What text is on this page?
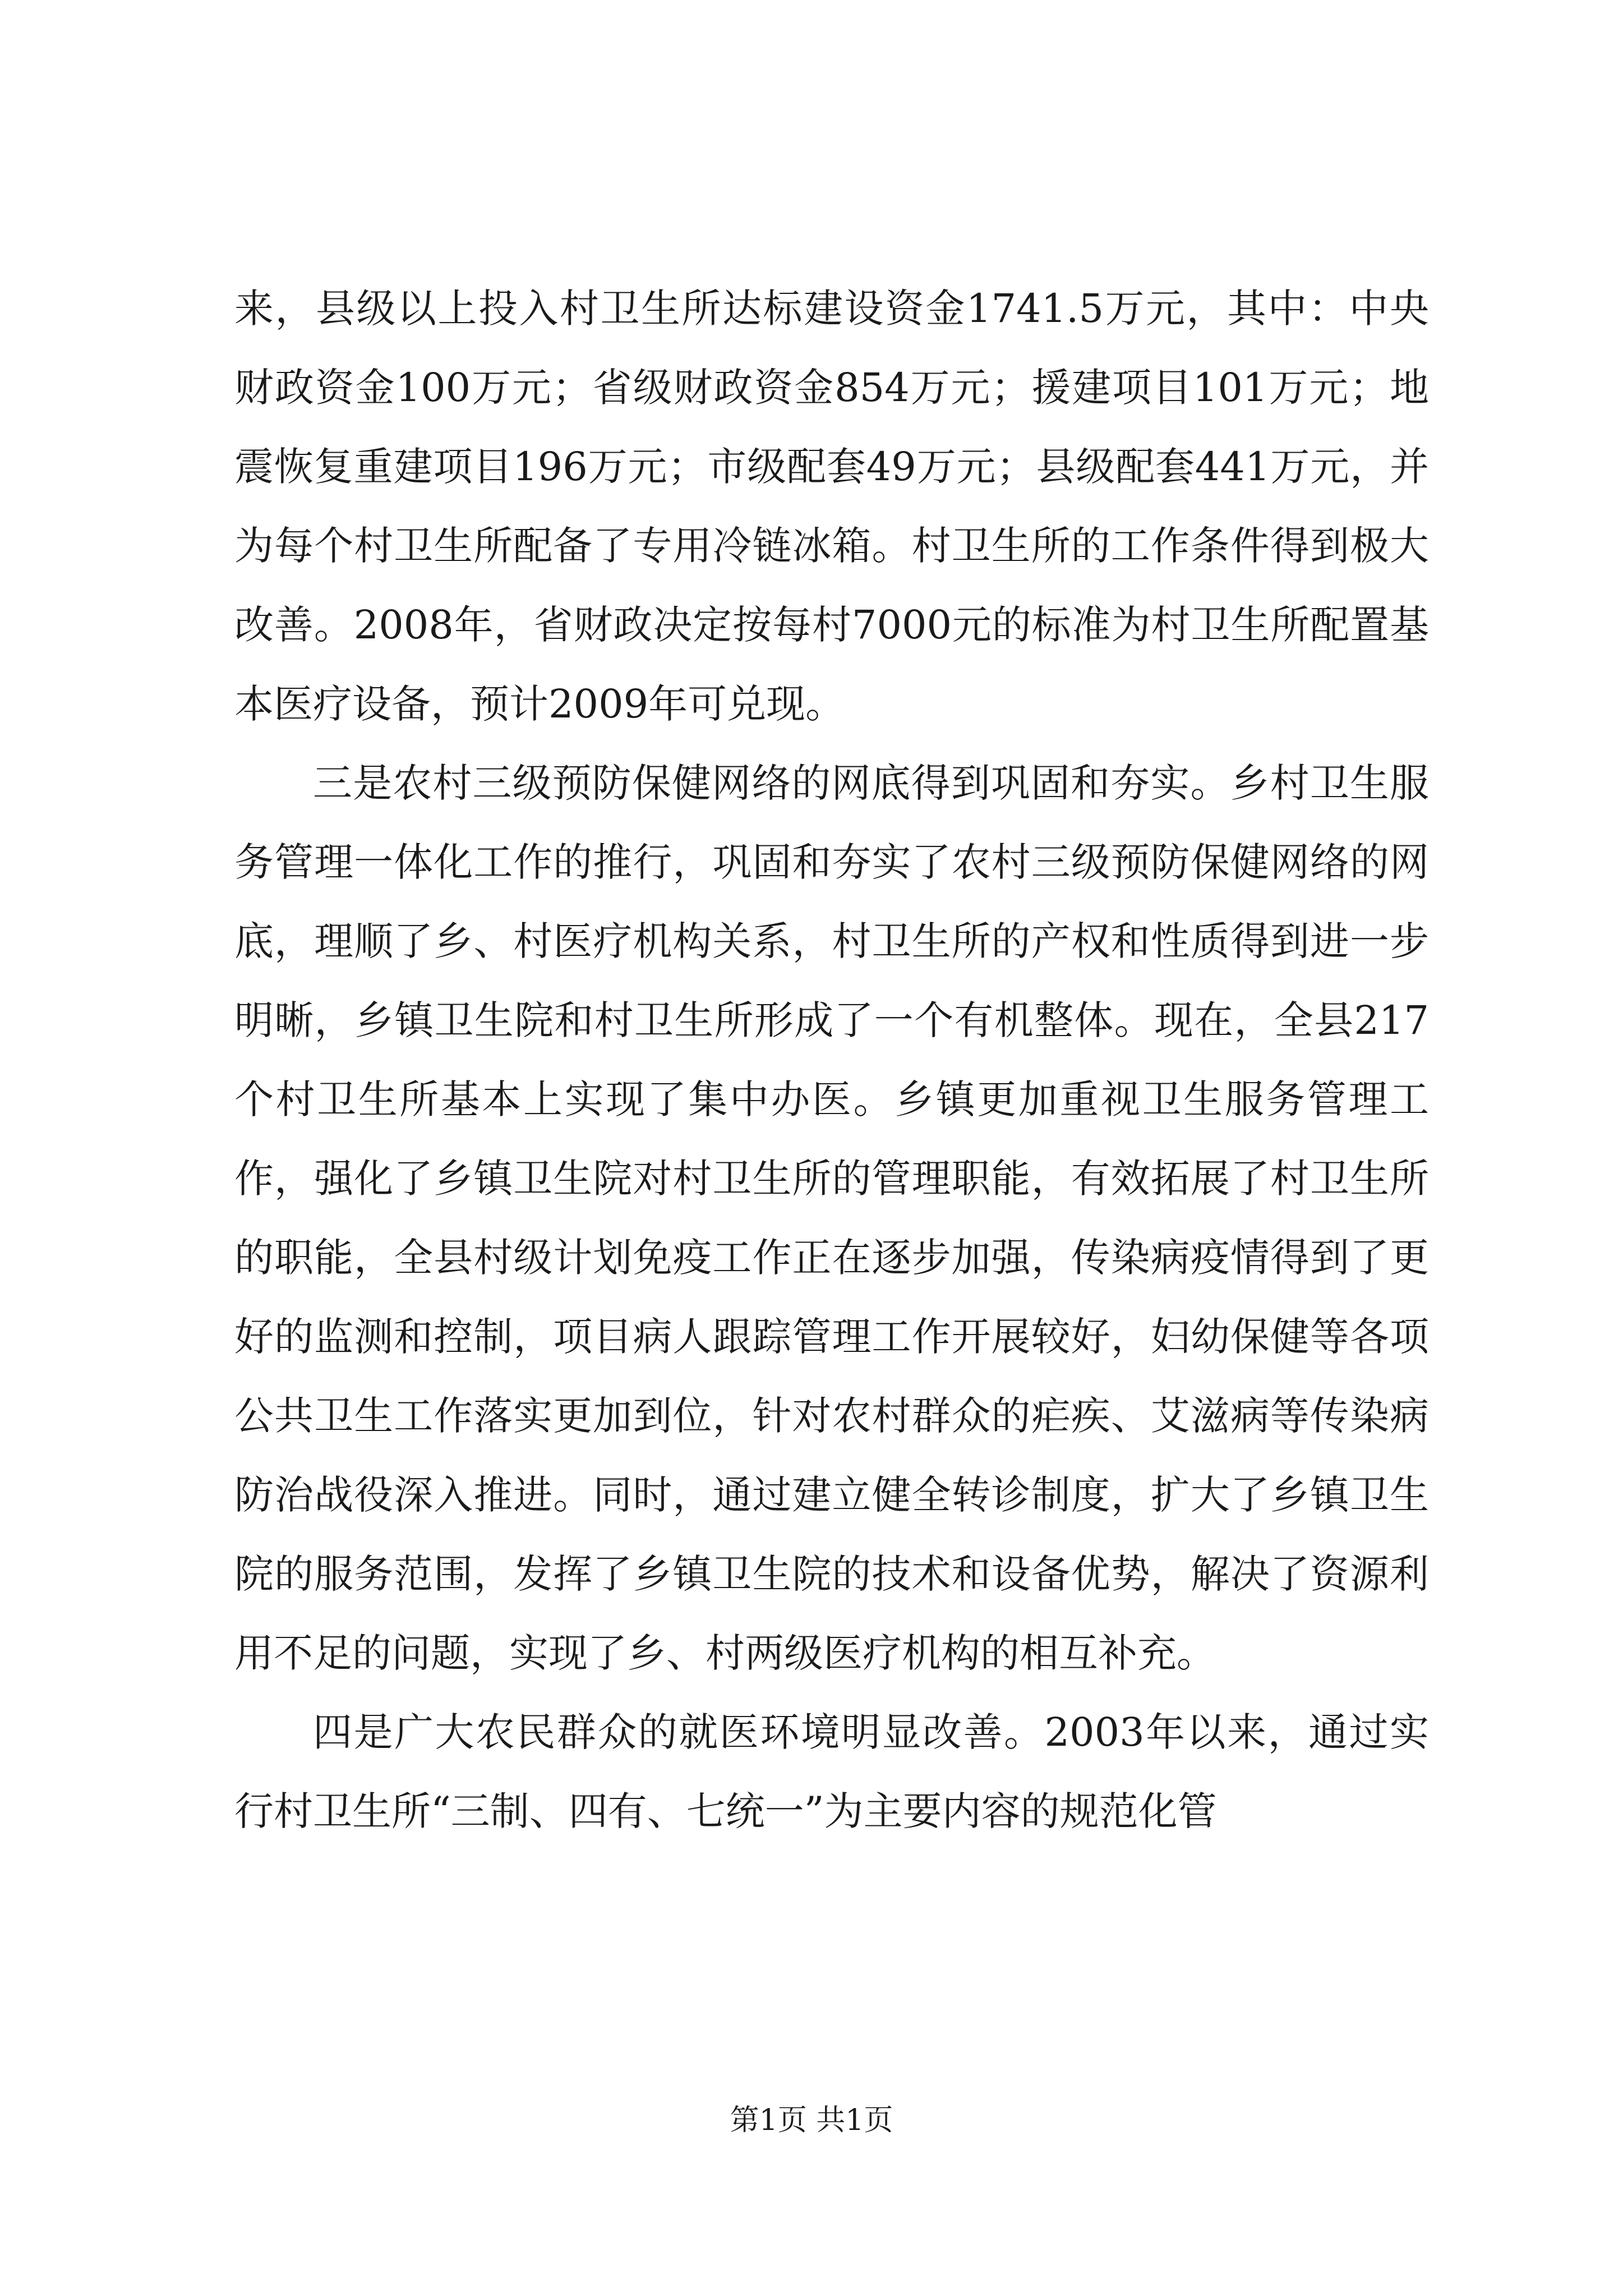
来，县级以上投入村卫生所达标建设资金1741.5万元，其中：中央财政资金100万元；省级财政资金854万元；援建项目101万元；地震恢复重建项目196万元；市级配套49万元；县级配套441万元，并为每个村卫生所配备了专用冷链冰箱。村卫生所的工作条件得到极大改善。2008年，省财政决定按每村7000元的标准为村卫生所配置基本医疗设备，预计2009年可兑现。

三是农村三级预防保健网络的网底得到巩固和夯实。乡村卫生服务管理一体化工作的推行，巩固和夯实了农村三级预防保健网络的网底，理顺了乡、村医疗机构关系，村卫生所的产权和性质得到进一步明晰，乡镇卫生院和村卫生所形成了一个有机整体。现在，全县217个村卫生所基本上实现了集中办医。乡镇更加重视卫生服务管理工作，强化了乡镇卫生院对村卫生所的管理职能，有效拓展了村卫生所的职能，全县村级计划免疫工作正在逐步加强，传染病疫情得到了更好的监测和控制，项目病人跟踪管理工作开展较好，妇幼保健等各项公共卫生工作落实更加到位，针对农村群众的疟疾、艾滋病等传染病防治战役深入推进。同时，通过建立健全转诊制度，扩大了乡镇卫生院的服务范围，发挥了乡镇卫生院的技术和设备优势，解决了资源利用不足的问题，实现了乡、村两级医疗机构的相互补充。

四是广大农民群众的就医环境明显改善。2003年以来，通过实行村卫生所“三制、四有、七统一”为主要内容的规范化管

第1页 共1页
